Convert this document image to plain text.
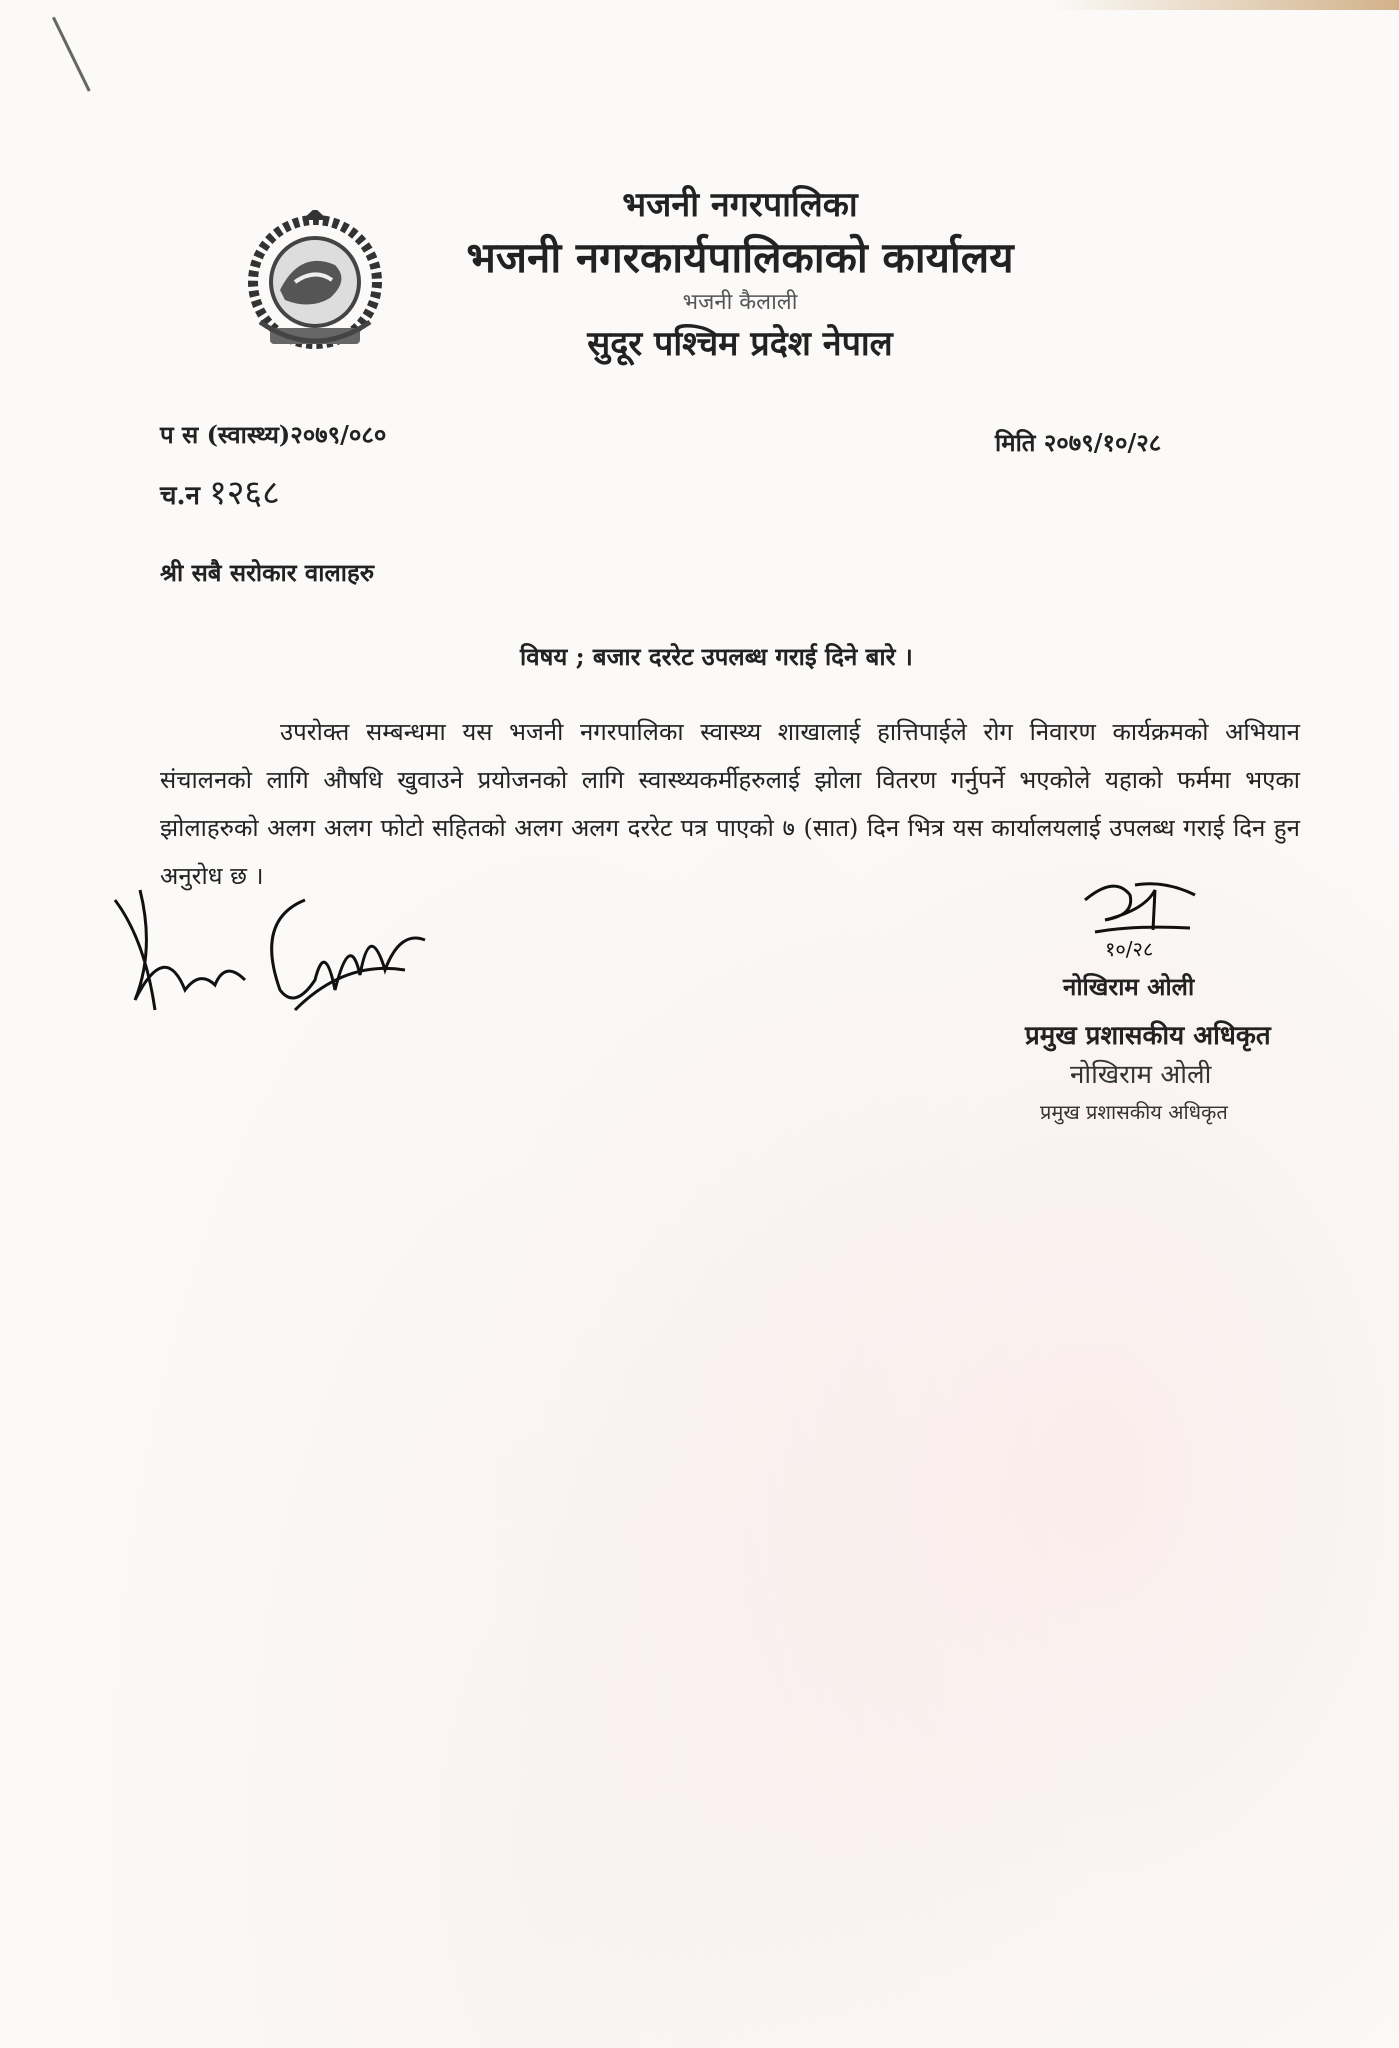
भजनी नगरपालिका
भजनी नगरकार्यपालिकाको कार्यालय
भजनी कैलाली
सुदूर पश्चिम प्रदेश नेपाल
प स (स्वास्थ्य)२०७९/०८०
च.न १२६८
मिति २०७९/१०/२८
श्री सबै सरोकार वालाहरु
विषय ; बजार दररेट उपलब्ध गराई दिने बारे ।
उपरोक्त सम्बन्धमा यस भजनी नगरपालिका स्वास्थ्य शाखालाई हात्तिपाईले रोग निवारण कार्यक्रमको अभियान संचालनको लागि औषधि खुवाउने प्रयोजनको लागि स्वास्थ्यकर्मीहरुलाई झोला वितरण गर्नुपर्ने भएकोले यहाको फर्ममा भएका झोलाहरुको अलग अलग फोटो सहितको अलग अलग दररेट पत्र पाएको ७ (सात) दिन भित्र यस कार्यालयलाई उपलब्ध गराई दिन हुन अनुरोध छ ।
१०/२८
नोखिराम ओली
प्रमुख प्रशासकीय अधिकृत
नोखिराम ओली
प्रमुख प्रशासकीय अधिकृत
